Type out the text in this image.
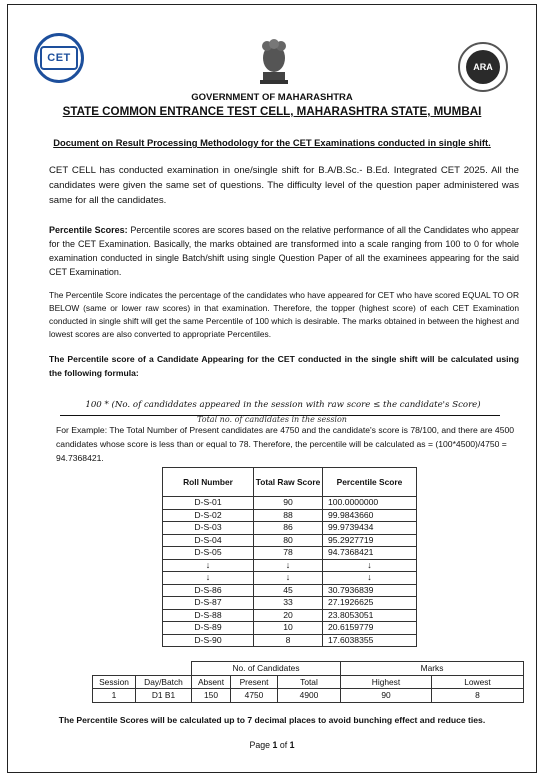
CET
ARA
GOVERNMENT OF MAHARASHTRA
STATE COMMON ENTRANCE TEST CELL, MAHARASHTRA STATE, MUMBAI
Document on Result Processing Methodology for the CET Examinations conducted in single shift.
CET CELL has conducted examination in one/single shift for B.A/B.Sc.- B.Ed. Integrated CET 2025. All the candidates were given the same set of questions. The difficulty level of the question paper administered was same for all the candidates.
Percentile Scores: Percentile scores are scores based on the relative performance of all the Candidates who appear for the CET Examination. Basically, the marks obtained are transformed into a scale ranging from 100 to 0 for whole examination conducted in single Batch/shift using single Question Paper of all the examinees appearing for the said CET Examination.
The Percentile Score indicates the percentage of the candidates who have appeared for CET who have scored EQUAL TO OR BELOW (same or lower raw scores) in that examination. Therefore, the topper (highest score) of each CET Examination conducted in single shift will get the same Percentile of 100 which is desirable. The marks obtained in between the highest and lowest scores are also converted to appropriate Percentiles.
The Percentile score of a Candidate Appearing for the CET conducted in the single shift will be calculated using the following formula:
100 * (No. of candiddates appeared in the session with raw score ≤ the candidate's Score)
Total no. of candidates in the session
For Example: The Total Number of Present candidates are 4750 and the candidate's score is 78/100, and there are 4500 candidates whose score is less than or equal to 78. Therefore, the percentile will be calculated as = (100*4500)/4750 = 94.7368421.
Roll Number	Total Raw Score	Percentile Score
D-S-01	90	100.0000000
D-S-02	88	99.9843660
D-S-03	86	99.9739434
D-S-04	80	95.2927719
D-S-05	78	94.7368421
↓	↓	↓
↓	↓	↓
D-S-86	45	30.7936839
D-S-87	33	27.1926625
D-S-88	20	23.8053051
D-S-89	10	20.6159779
D-S-90	8	17.6038355
		No. of Candidates			Marks	
Session	Day/Batch	Absent	Present	Total	Highest	Lowest
1	D1 B1	150	4750	4900	90	8
The Percentile Scores will be calculated up to 7 decimal places to avoid bunching effect and reduce ties.
Page 1 of 1
